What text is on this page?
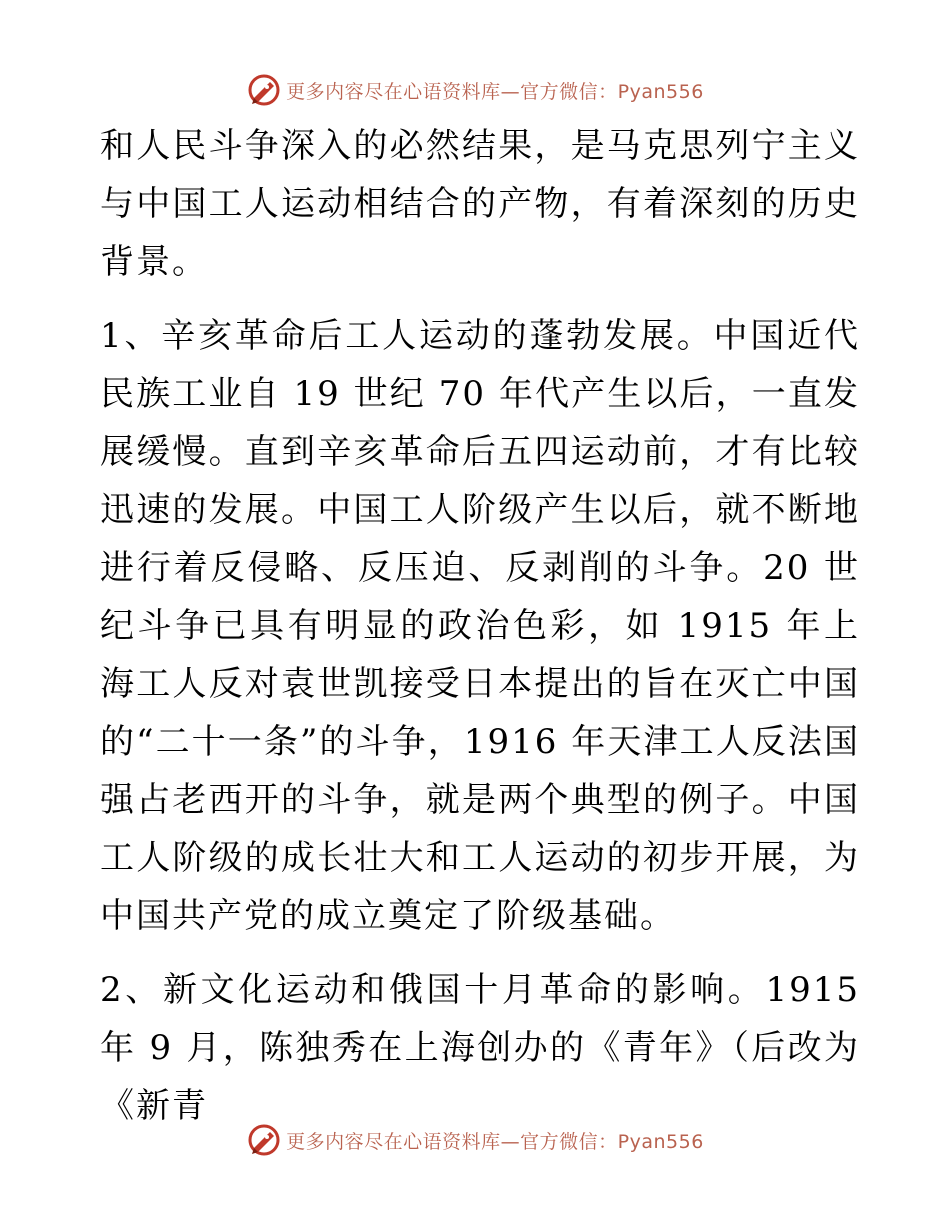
更多内容尽在心语资料库—官方微信：Pyan556

和人民斗争深入的必然结果，是马克思列宁主义与中国工人运动相结合的产物，有着深刻的历史背景。

1、辛亥革命后工人运动的蓬勃发展。中国近代民族工业自 19 世纪 70 年代产生以后，一直发展缓慢。直到辛亥革命后五四运动前，才有比较迅速的发展。中国工人阶级产生以后，就不断地进行着反侵略、反压迫、反剥削的斗争。20 世纪斗争已具有明显的政治色彩，如 1915 年上海工人反对袁世凯接受日本提出的旨在灭亡中国的“二十一条”的斗争，1916 年天津工人反法国强占老西开的斗争，就是两个典型的例子。中国工人阶级的成长壮大和工人运动的初步开展，为中国共产党的成立奠定了阶级基础。

2、新文化运动和俄国十月革命的影响。1915 年 9 月，陈独秀在上海创办的《青年》（后改为《新青

更多内容尽在心语资料库—官方微信：Pyan556
